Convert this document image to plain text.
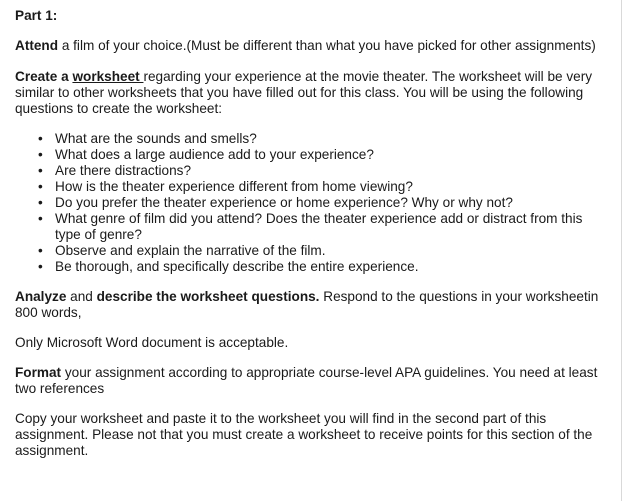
Part 1:

Attend a film of your choice.(Must be different than what you have picked for other assignments)

Create a worksheet regarding your experience at the movie theater. The worksheet will be very similar to other worksheets that you have filled out for this class. You will be using the following questions to create the worksheet:

• What are the sounds and smells?
• What does a large audience add to your experience?
• Are there distractions?
• How is the theater experience different from home viewing?
• Do you prefer the theater experience or home experience? Why or why not?
• What genre of film did you attend? Does the theater experience add or distract from this type of genre?
• Observe and explain the narrative of the film.
• Be thorough, and specifically describe the entire experience.

Analyze and describe the worksheet questions. Respond to the questions in your worksheetin 800 words,

Only Microsoft Word document is acceptable.

Format your assignment according to appropriate course-level APA guidelines. You need at least two references

Copy your worksheet and paste it to the worksheet you will find in the second part of this assignment. Please not that you must create a worksheet to receive points for this section of the assignment.
